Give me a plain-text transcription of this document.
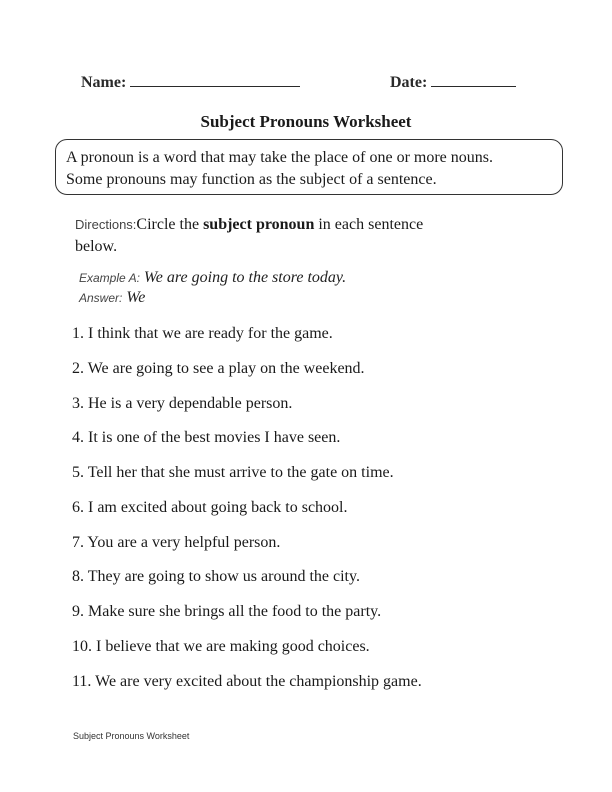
Name:	Date:
Subject Pronouns Worksheet
A pronoun is a word that may take the place of one or more nouns.
Some pronouns may function as the subject of a sentence.
Directions:Circle the subject pronoun in each sentence
below.
Example A: We are going to the store today.
Answer: We
1. I think that we are ready for the game.
2. We are going to see a play on the weekend.
3. He is a very dependable person.
4. It is one of the best movies I have seen.
5. Tell her that she must arrive to the gate on time.
6. I am excited about going back to school.
7. You are a very helpful person.
8. They are going to show us around the city.
9. Make sure she brings all the food to the party.
10. I believe that we are making good choices.
11. We are very excited about the championship game.
Subject Pronouns Worksheet
